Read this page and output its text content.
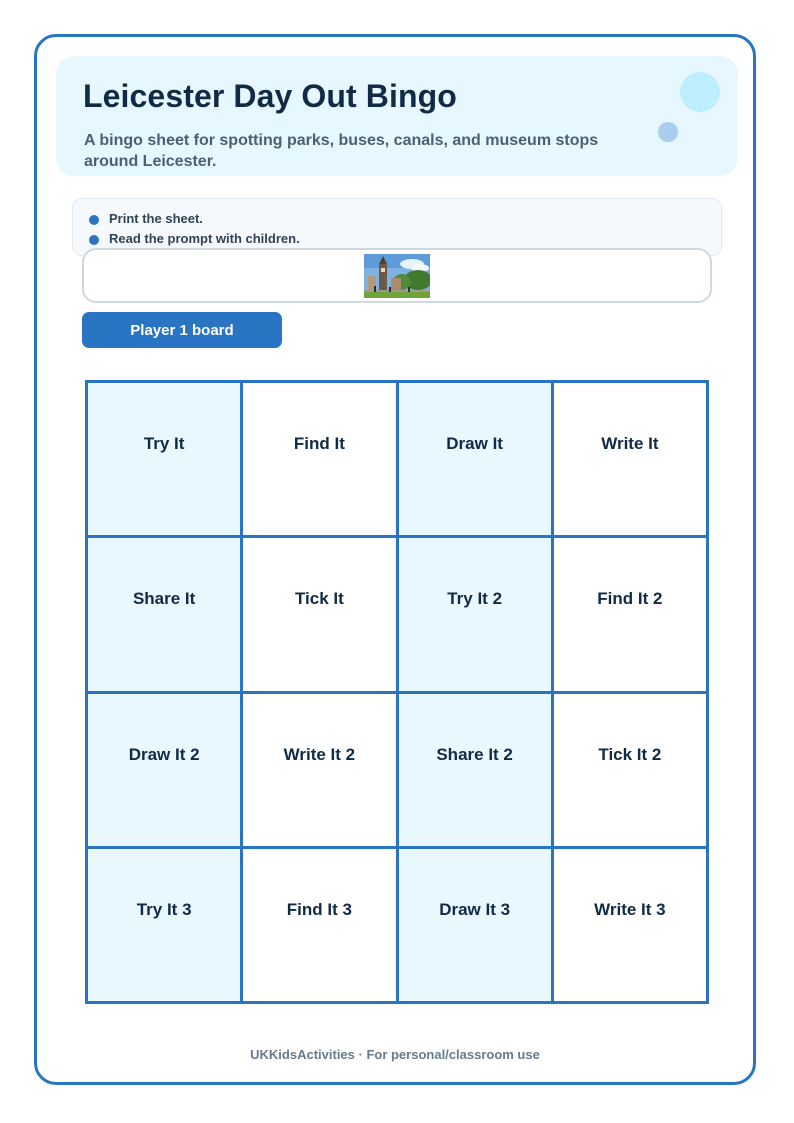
Leicester Day Out Bingo

A bingo sheet for spotting parks, buses, canals, and museum stops around Leicester.

Print the sheet.
Read the prompt with children.
Player 1 board
Try It	Find It	Draw It	Write It
Share It	Tick It	Try It 2	Find It 2
Draw It 2	Write It 2	Share It 2	Tick It 2
Try It 3	Find It 3	Draw It 3	Write It 3

UKKidsActivities · For personal/classroom use
